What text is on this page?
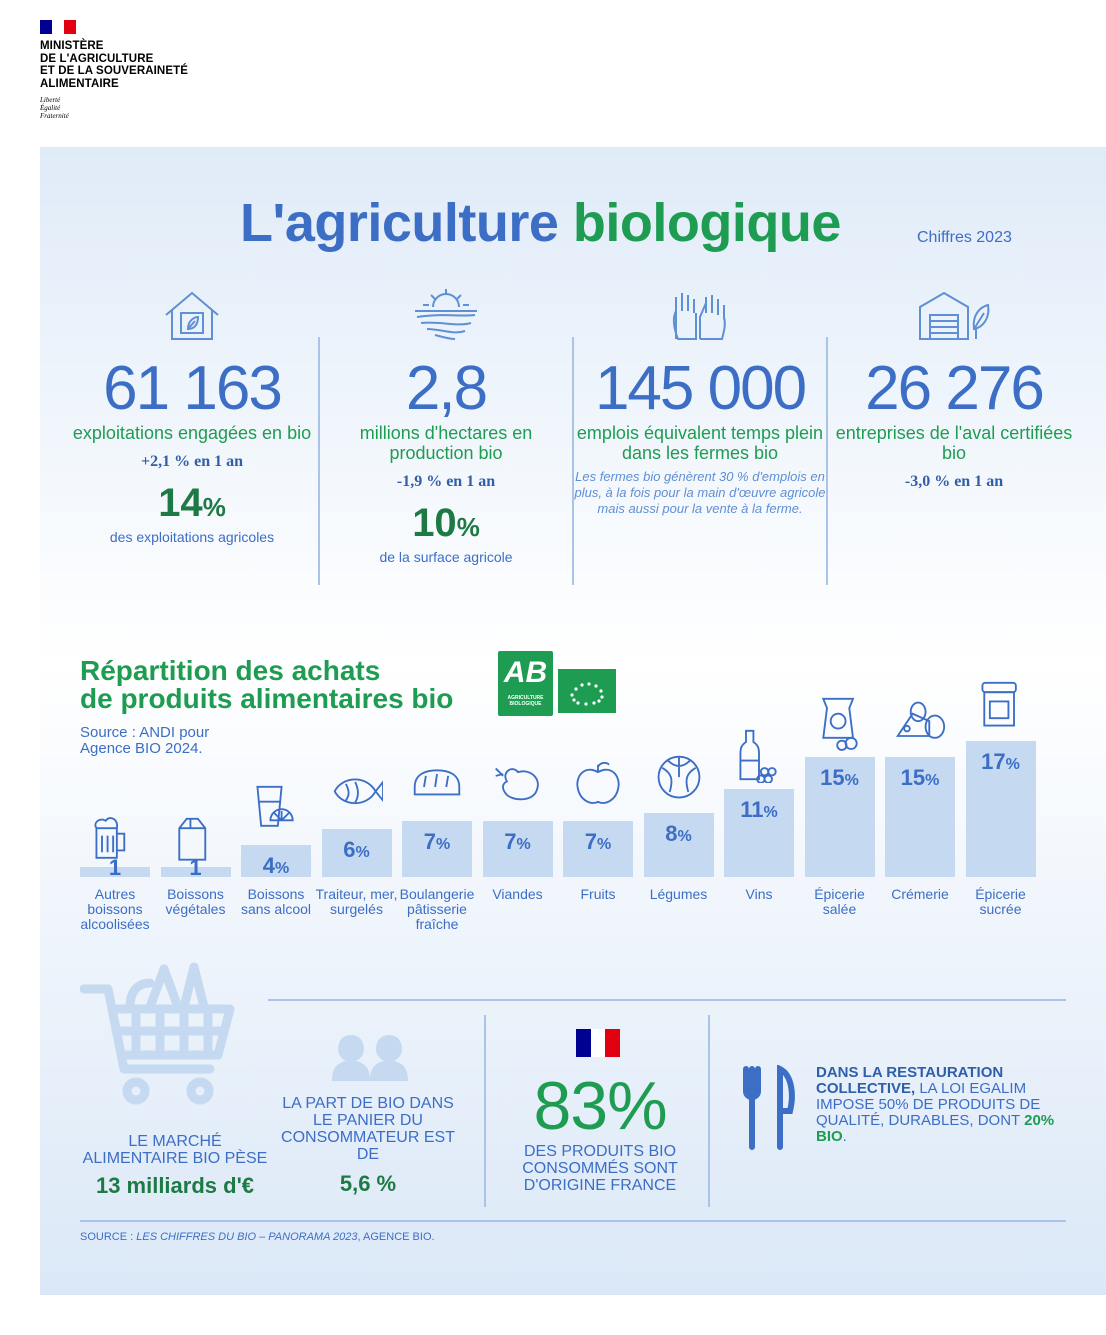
MINISTÈRE
DE L'AGRICULTURE
ET DE LA SOUVERAINETÉ
ALIMENTAIRE
Liberté
Égalité
Fraternité
L'agriculture biologique	Chiffres 2023
61 163
exploitations engagées en bio
+2,1 % en 1 an
14%
des exploitations agricoles
2,8
millions d'hectares en production bio
-1,9 % en 1 an
10%
de la surface agricole
145 000
emplois équivalent temps plein dans les fermes bio
Les fermes bio génèrent 30 % d'emplois en plus, à la fois pour la main d'œuvre agricole mais aussi pour la vente à la ferme.
26 276
entreprises de l'aval certifiées bio
-3,0 % en 1 an
Répartition des achats
de produits alimentaires bio
Source : ANDI pour Agence BIO 2024.
AB
AGRICULTURE BIOLOGIQUE
1
Autres boissons alcoolisées
1
Boissons végétales
4%
Boissons sans alcool
6%
Traiteur, mer, surgelés
7%
Boulangerie pâtisserie fraîche
7%
Viandes
7%
Fruits
8%
Légumes
11%
Vins
15%
Épicerie salée
15%
Crémerie
17%
Épicerie sucrée
LE MARCHÉ ALIMENTAIRE BIO PÈSE
13 milliards d'€
LA PART DE BIO DANS LE PANIER DU CONSOMMATEUR EST DE
5,6 %
83%
DES PRODUITS BIO CONSOMMÉS SONT D'ORIGINE FRANCE
DANS LA RESTAURATION COLLECTIVE, LA LOI EGALIM IMPOSE 50% DE PRODUITS DE QUALITÉ, DURABLES, DONT 20% BIO.
SOURCE : LES CHIFFRES DU BIO – PANORAMA 2023, AGENCE BIO.
